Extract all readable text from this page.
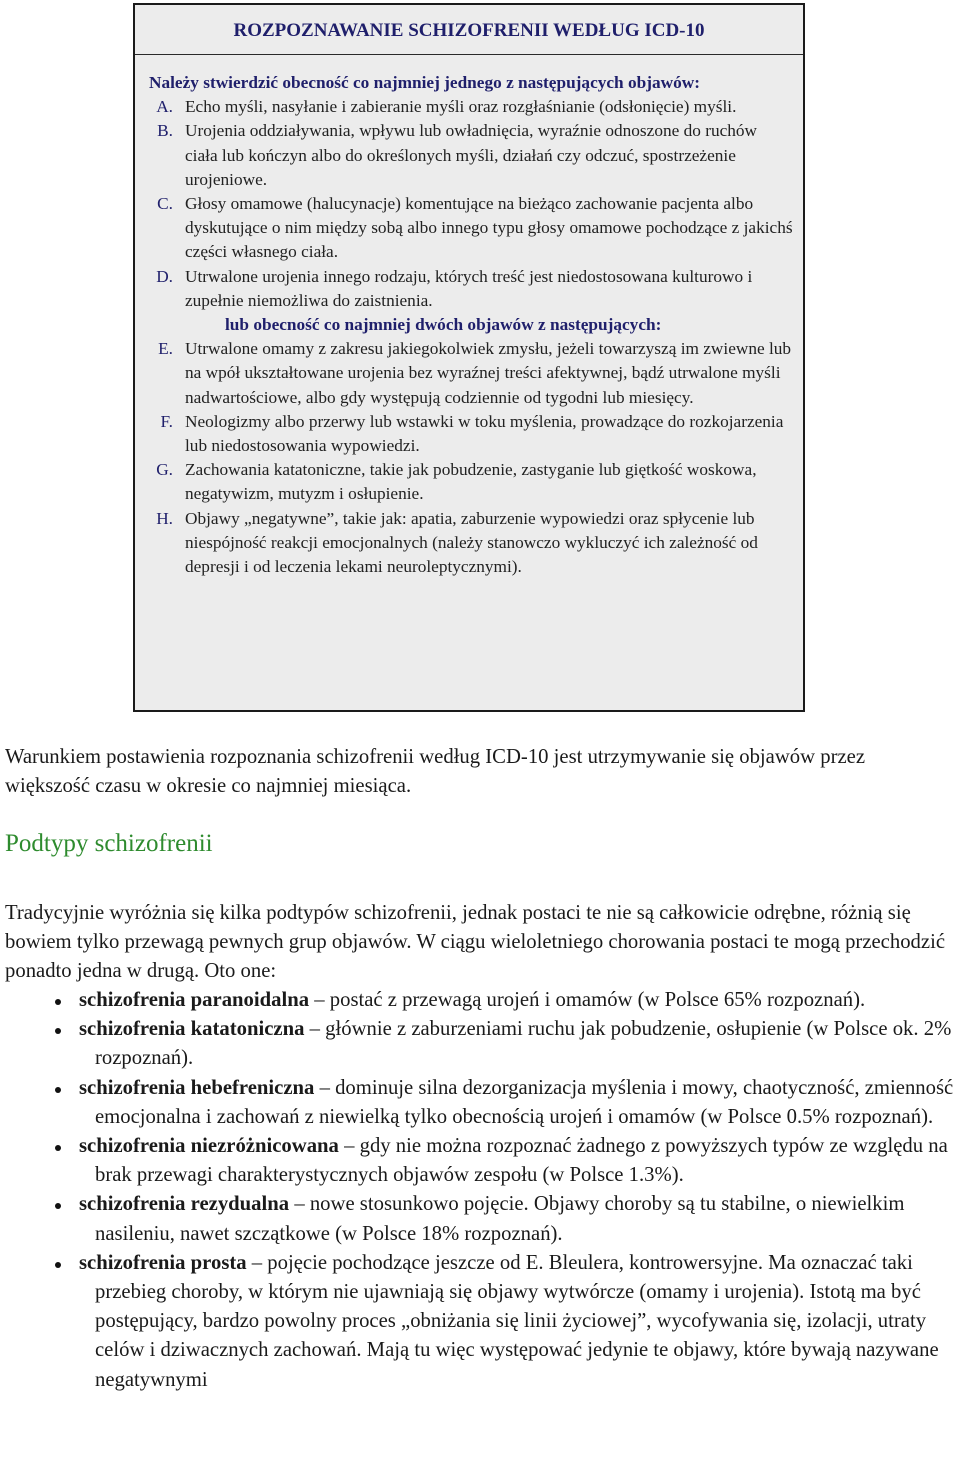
ROZPOZNAWANIE SCHIZOFRENII WEDŁUG ICD-10
Należy stwierdzić obecność co najmniej jednego z następujących objawów:
A. Echo myśli, nasyłanie i zabieranie myśli oraz rozgłaśnianie (odsłonięcie) myśli.
B. Urojenia oddziaływania, wpływu lub owładnięcia, wyraźnie odnoszone do ruchów ciała lub kończyn albo do określonych myśli, działań czy odczuć, spostrzeżenie urojeniowe.
C. Głosy omamowe (halucynacje) komentujące na bieżąco zachowanie pacjenta albo dyskutujące o nim między sobą albo innego typu głosy omamowe pochodzące z jakichś części własnego ciała.
D. Utrwalone urojenia innego rodzaju, których treść jest niedostosowana kulturowo i zupełnie niemożliwa do zaistnienia.
lub obecność co najmniej dwóch objawów z następujących:
E. Utrwalone omamy z zakresu jakiegokolwiek zmysłu, jeżeli towarzyszą im zwiewne lub na wpół ukształtowane urojenia bez wyraźnej treści afektywnej, bądź utrwalone myśli nadwartościowe, albo gdy występują codziennie od tygodni lub miesięcy.
F. Neologizmy albo przerwy lub wstawki w toku myślenia, prowadzące do rozkojarzenia lub niedostosowania wypowiedzi.
G. Zachowania katatoniczne, takie jak pobudzenie, zastyganie lub giętkość woskowa, negatywizm, mutyzm i osłupienie.
H. Objawy „negatywne”, takie jak: apatia, zaburzenie wypowiedzi oraz spłycenie lub niespójność reakcji emocjonalnych (należy stanowczo wykluczyć ich zależność od depresji i od leczenia lekami neuroleptycznymi).

Warunkiem postawienia rozpoznania schizofrenii według ICD-10 jest utrzymywanie się objawów przez większość czasu w okresie co najmniej miesiąca.

Podtypy schizofrenii

Tradycyjnie wyróżnia się kilka podtypów schizofrenii, jednak postaci te nie są całkowicie odrębne, różnią się bowiem tylko przewagą pewnych grup objawów. W ciągu wieloletniego chorowania postaci te mogą przechodzić ponadto jedna w drugą. Oto one:

schizofrenia paranoidalna – postać z przewagą urojeń i omamów (w Polsce 65% rozpoznań).
schizofrenia katatoniczna – głównie z zaburzeniami ruchu jak pobudzenie, osłupienie (w Polsce ok. 2% rozpoznań).
schizofrenia hebefreniczna – dominuje silna dezorganizacja myślenia i mowy, chaotyczność, zmienność emocjonalna i zachowań z niewielką tylko obecnością urojeń i omamów (w Polsce 0.5% rozpoznań).
schizofrenia niezróżnicowana – gdy nie można rozpoznać żadnego z powyższych typów ze względu na brak przewagi charakterystycznych objawów zespołu (w Polsce 1.3%).
schizofrenia rezydualna – nowe stosunkowo pojęcie. Objawy choroby są tu stabilne, o niewielkim nasileniu, nawet szczątkowe (w Polsce 18% rozpoznań).
schizofrenia prosta – pojęcie pochodzące jeszcze od E. Bleulera, kontrowersyjne. Ma oznaczać taki przebieg choroby, w którym nie ujawniają się objawy wytwórcze (omamy i urojenia). Istotą ma być postępujący, bardzo powolny proces „obniżania się linii życiowej”, wycofywania się, izolacji, utraty celów i dziwacznych zachowań. Mają tu więc występować jedynie te objawy, które bywają nazywane negatywnymi
